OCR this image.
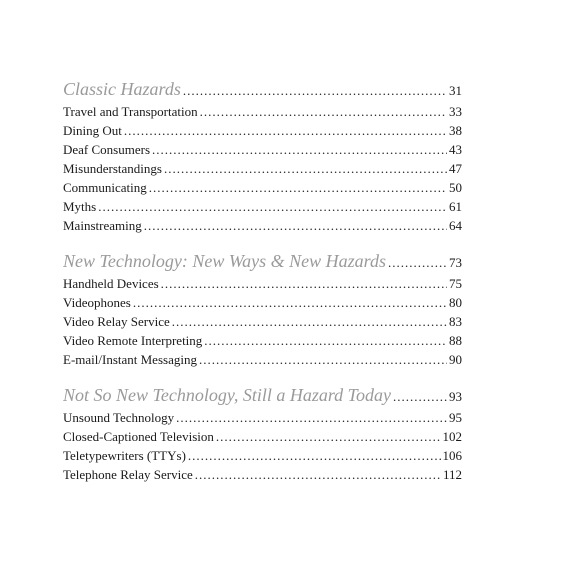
Classic Hazards .....	31
Travel and Transportation .....	33
Dining Out .....	38
Deaf Consumers .....	43
Misunderstandings .....	47
Communicating .....	50
Myths .....	61
Mainstreaming .....	64
New Technology: New Ways & New Hazards .....	73
Handheld Devices .....	75
Videophones .....	80
Video Relay Service .....	83
Video Remote Interpreting .....	88
E-mail/Instant Messaging .....	90
Not So New Technology, Still a Hazard Today .....	93
Unsound Technology .....	95
Closed-Captioned Television .....	102
Teletypewriters (TTYs) .....	106
Telephone Relay Service .....	112
